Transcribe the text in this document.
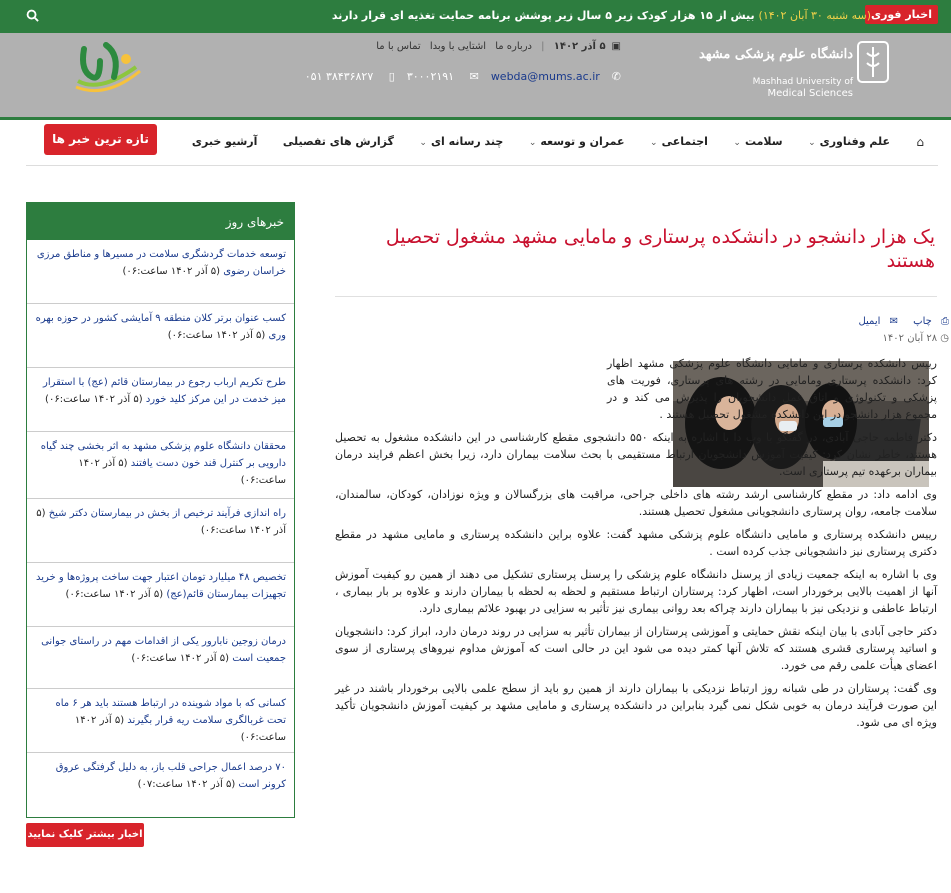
اخبار فوری
(سه شنبه ۳۰ آبان ۱۴۰۲) بیش از ۱۵ هزار کودک زیر ۵ سال زیر پوشش برنامه حمایت تغذیه ای قرار دارند
دانشگاه علوم پزشکی مشهد
Mashhad University of
Medical Sciences
▣۵ آذر ۱۴۰۲ | درباره ما اشتایی با وبدا تماس با ما
✆۰۵۱ ۳۸۴۳۶۸۲۷ ▯ ۳۰۰۰۲۱۹۱ ✉ webda@mums.ac.ir
⌂
علم وفناوری⌄ سلامت⌄ اجتماعی⌄ عمران و توسعه⌄ چند رسانه ای⌄ گزارش های تفصیلی آرشیو خبری
تازه ترین خبر ها
خبرهای روز
توسعه خدمات گردشگری سلامت در مسیرها و مناطق مرزی خراسان رضوی (۵ آذر ۱۴۰۲ ساعت:۰۶)
کسب عنوان برتر کلان منطقه ۹ آمایشی کشور در حوزه بهره وری (۵ آذر ۱۴۰۲ ساعت:۰۶)
طرح تکریم ارباب رجوع در بیمارستان قائم (عج) با استقرار میز خدمت در این مرکز کلید خورد (۵ آذر ۱۴۰۲ ساعت:۰۶)
محققان دانشگاه علوم پزشکی مشهد به اثر بخشی چند گیاه دارویی بر کنترل قند خون دست یافتند (۵ آذر ۱۴۰۲ ساعت:۰۶)
راه اندازی فرآیند ترخیص از بخش در بیمارستان دکتر شیخ (۵ آذر ۱۴۰۲ ساعت:۰۶)
تخصیص ۴۸ میلیارد تومان اعتبار جهت ساخت پروژه‌ها و خرید تجهیزات بیمارستان قائم(عج) (۵ آذر ۱۴۰۲ ساعت:۰۶)
درمان زوجین نابارور یکی از اقدامات مهم در راستای جوانی جمعیت است (۵ آذر ۱۴۰۲ ساعت:۰۶)
کسانی که با مواد شوینده در ارتباط هستند باید هر ۶ ماه تحت غربالگری سلامت ریه قرار بگیرند (۵ آذر ۱۴۰۲ ساعت:۰۶)
۷۰ درصد اعمال جراحی قلب باز، به دلیل گرفتگی عروق کرونر است (۵ آذر ۱۴۰۲ ساعت:۰۷)
اخبار بیشتر کلیک نمایید
یک هزار دانشجو در دانشکده پرستاری و مامایی مشهد مشغول تحصیل هستند
⎙ چاپ ✉ ایمیل
◷ ۲۸ آبان ۱۴۰۲

رییس دانشکده پرستاری و مامایی دانشگاه علوم پزشکی مشهد اظهار کرد: دانشکده پرستاری ومامایی در رشته های پرستاری، فوریت های پزشکی و تکنولوژی و اتاق عمل دانشجویان را پذیرش می کند و در مجموع هزار دانشجو در این دانشکده مشغول تحصیل هستند .

دکتر فاطمه حاجی آبادی، در گفتگو با وب دا با اشاره به اینکه ۵۵۰ دانشجوی مقطع کارشناسی در این دانشکده مشغول به تحصیل هستند، خاطر نشان کرد: کیفیت آموزش دانشجویان ارتباط مستقیمی با بحث سلامت بیماران دارد، زیرا بخش اعظم فرایند درمان بیماران برعهده تیم پرستاری است.

وی ادامه داد: در مقطع کارشناسی ارشد رشته های داخلی جراحی، مراقبت های بزرگسالان و ویژه نوزادان، کودکان، سالمندان، سلامت جامعه، روان پرستاری دانشجویانی مشغول تحصیل هستند.

رییس دانشکده پرستاری و مامایی دانشگاه علوم پزشکی مشهد گفت: علاوه براین دانشکده پرستاری و مامایی مشهد در مقطع دکتری پرستاری نیز دانشجویانی جذب کرده است .

وی با اشاره به اینکه جمعیت زیادی از پرسنل دانشگاه علوم پزشکی را پرسنل پرستاری تشکیل می دهند از همین رو کیفیت آموزش آنها از اهمیت بالایی برخوردار است، اظهار کرد: پرستاران ارتباط مستقیم و لحظه به لحظه با بیماران دارند و علاوه بر بار بیماری ، ارتباط عاطفی و نزدیکی نیز با بیماران دارند چراکه بعد روانی بیماری نیز تأثیر به سزایی در بهبود علائم بیماری دارد.

دکتر حاجی آبادی با بیان اینکه نقش حمایتی و آموزشی پرستاران از بیماران تأثیر به سزایی در روند درمان دارد، ابراز کرد: دانشجویان و اساتید پرستاری قشری هستند که تلاش آنها کمتر دیده می شود این در حالی است که آموزش مداوم نیروهای پرستاری از سوی اعضای هیأت علمی رقم می خورد.

وی گفت: پرستاران در طی شبانه روز ارتباط نزدیکی با بیماران دارند از همین رو باید از سطح علمی بالایی برخوردار باشند در غیر این صورت فرآیند درمان به خوبی شکل نمی گیرد بنابراین در دانشکده پرستاری و مامایی مشهد بر کیفیت آموزش دانشجویان تأکید ویژه ای می شود.
